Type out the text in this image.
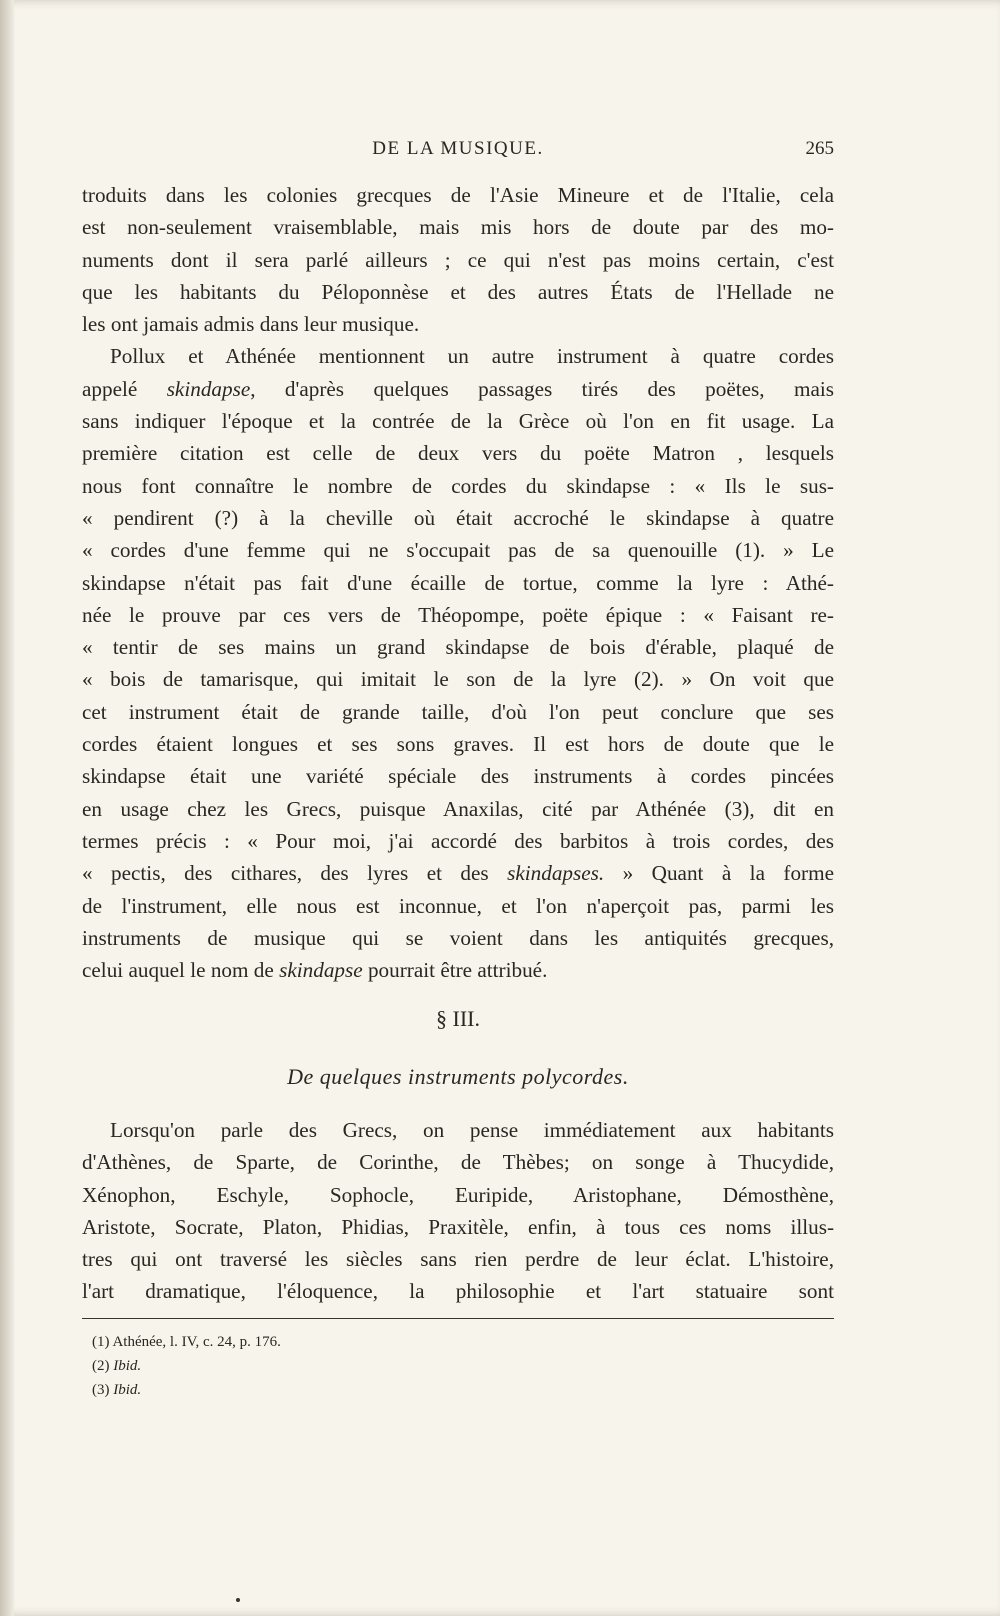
DE LA MUSIQUE.	265
troduits dans les colonies grecques de l'Asie Mineure et de l'Italie, cela
est non-seulement vraisemblable, mais mis hors de doute par des mo-
numents dont il sera parlé ailleurs ; ce qui n'est pas moins certain, c'est
que les habitants du Péloponnèse et des autres États de l'Hellade ne
les ont jamais admis dans leur musique.
Pollux et Athénée mentionnent un autre instrument à quatre cordes
appelé skindapse, d'après quelques passages tirés des poëtes, mais
sans indiquer l'époque et la contrée de la Grèce où l'on en fit usage. La
première citation est celle de deux vers du poëte Matron , lesquels
nous font connaître le nombre de cordes du skindapse : « Ils le sus-
« pendirent (?) à la cheville où était accroché le skindapse à quatre
« cordes d'une femme qui ne s'occupait pas de sa quenouille (1). » Le
skindapse n'était pas fait d'une écaille de tortue, comme la lyre : Athé-
née le prouve par ces vers de Théopompe, poëte épique : « Faisant re-
« tentir de ses mains un grand skindapse de bois d'érable, plaqué de
« bois de tamarisque, qui imitait le son de la lyre (2). » On voit que
cet instrument était de grande taille, d'où l'on peut conclure que ses
cordes étaient longues et ses sons graves. Il est hors de doute que le
skindapse était une variété spéciale des instruments à cordes pincées
en usage chez les Grecs, puisque Anaxilas, cité par Athénée (3), dit en
termes précis : « Pour moi, j'ai accordé des barbitos à trois cordes, des
« pectis, des cithares, des lyres et des skindapses. » Quant à la forme
de l'instrument, elle nous est inconnue, et l'on n'aperçoit pas, parmi les
instruments de musique qui se voient dans les antiquités grecques,
celui auquel le nom de skindapse pourrait être attribué.
§ III.
De quelques instruments polycordes.
Lorsqu'on parle des Grecs, on pense immédiatement aux habitants
d'Athènes, de Sparte, de Corinthe, de Thèbes; on songe à Thucydide,
Xénophon, Eschyle, Sophocle, Euripide, Aristophane, Démosthène,
Aristote, Socrate, Platon, Phidias, Praxitèle, enfin, à tous ces noms illus-
tres qui ont traversé les siècles sans rien perdre de leur éclat. L'histoire,
l'art dramatique, l'éloquence, la philosophie et l'art statuaire sont
(1) Athénée, l. IV, c. 24, p. 176.
(2) Ibid.
(3) Ibid.
